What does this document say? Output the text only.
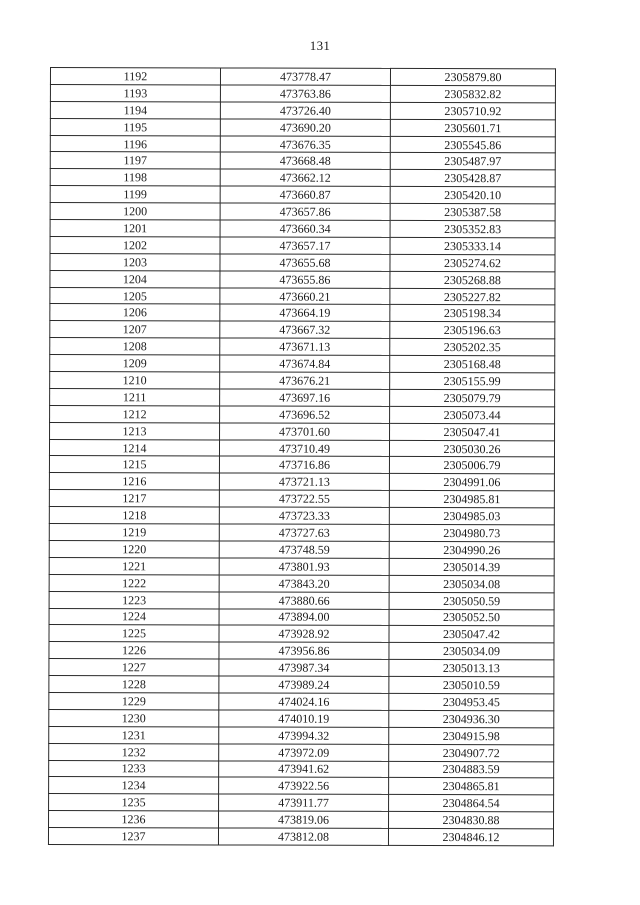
131
1192	473778.47	2305879.80
1193	473763.86	2305832.82
1194	473726.40	2305710.92
1195	473690.20	2305601.71
1196	473676.35	2305545.86
1197	473668.48	2305487.97
1198	473662.12	2305428.87
1199	473660.87	2305420.10
1200	473657.86	2305387.58
1201	473660.34	2305352.83
1202	473657.17	2305333.14
1203	473655.68	2305274.62
1204	473655.86	2305268.88
1205	473660.21	2305227.82
1206	473664.19	2305198.34
1207	473667.32	2305196.63
1208	473671.13	2305202.35
1209	473674.84	2305168.48
1210	473676.21	2305155.99
1211	473697.16	2305079.79
1212	473696.52	2305073.44
1213	473701.60	2305047.41
1214	473710.49	2305030.26
1215	473716.86	2305006.79
1216	473721.13	2304991.06
1217	473722.55	2304985.81
1218	473723.33	2304985.03
1219	473727.63	2304980.73
1220	473748.59	2304990.26
1221	473801.93	2305014.39
1222	473843.20	2305034.08
1223	473880.66	2305050.59
1224	473894.00	2305052.50
1225	473928.92	2305047.42
1226	473956.86	2305034.09
1227	473987.34	2305013.13
1228	473989.24	2305010.59
1229	474024.16	2304953.45
1230	474010.19	2304936.30
1231	473994.32	2304915.98
1232	473972.09	2304907.72
1233	473941.62	2304883.59
1234	473922.56	2304865.81
1235	473911.77	2304864.54
1236	473819.06	2304830.88
1237	473812.08	2304846.12
